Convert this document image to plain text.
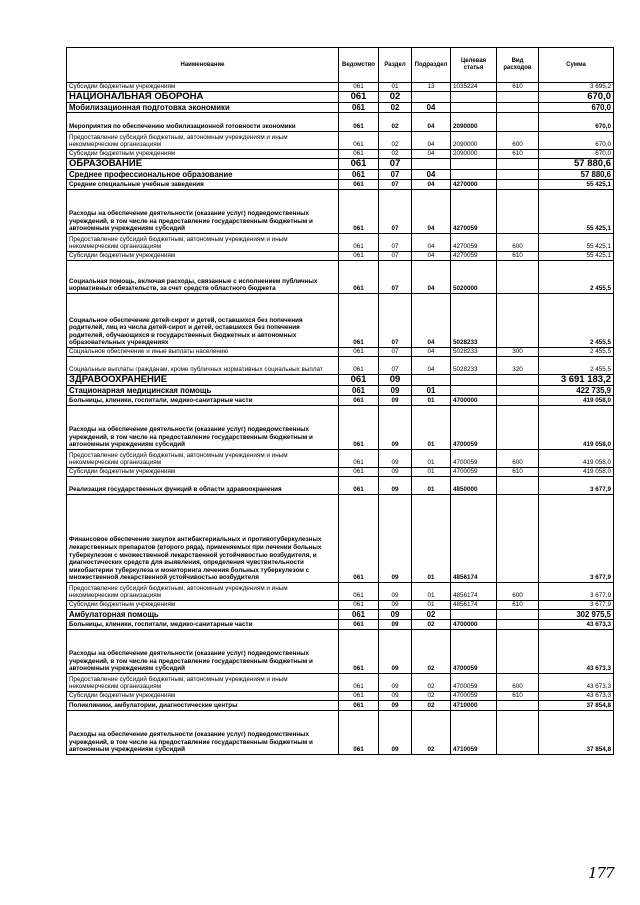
Наименование	Ведомство	Раздел	Подраздел	Целевая статья	Вид расходов	Сумма
Субсидии бюджетным учреждениям	061	01	13	1035224	610	3 695,2
НАЦИОНАЛЬНАЯ ОБОРОНА	061	02				670,0
Мобилизационная подготовка экономики	061	02	04			670,0
Мероприятия по обеспечению мобилизационной готовности экономики	061	02	04	2090000		670,0
Предоставление субсидий бюджетным, автономным учреждениям и иным некоммерческим организациям	061	02	04	2090000	600	670,0
Субсидии бюджетным учреждениям	061	02	04	2090000	610	670,0
ОБРАЗОВАНИЕ	061	07				57 880,6
Среднее профессиональное образование	061	07	04			57 880,6
Средние специальные учебные заведения	061	07	04	4270000		55 425,1
Расходы на обеспечение деятельности (оказание услуг) подведомственных учреждений, в том числе на предоставление государственным бюджетным и автономным учреждениям субсидий	061	07	04	4270059		55 425,1
Предоставление субсидий бюджетным, автономным учреждениям и иным некоммерческим организациям	061	07	04	4270059	600	55 425,1
Субсидии бюджетным учреждениям	061	07	04	4270059	610	55 425,1
Социальная помощь, включая расходы, связанные с исполнением публичных нормативных обязательств, за счет средств областного бюджета	061	07	04	5020000		2 455,5
Социальное обеспечение детей-сирот и детей, оставшихся без попечения родителей, лиц из числа детей-сирот и детей, оставшихся без попечения родителей, обучающихся в государственных бюджетных и автономных образовательных учреждениях	061	07	04	5028233		2 455,5
Социальное обеспечение и иные выплаты населению	061	07	04	5028233	300	2 455,5
Социальные выплаты гражданам, кроме публичных нормативных социальных выплат	061	07	04	5028233	320	2 455,5
ЗДРАВООХРАНЕНИЕ	061	09				3 691 183,2
Стационарная медицинская помощь	061	09	01			422 735,9
Больницы, клиники, госпитали, медико-санитарные части	061	09	01	4700000		419 058,0
Расходы на обеспечение деятельности (оказание услуг) подведомственных учреждений, в том числе на предоставление государственным бюджетным и автономным учреждениям субсидий	061	09	01	4700059		419 058,0
Предоставление субсидий бюджетным, автономным учреждениям и иным некоммерческим организациям	061	09	01	4700059	600	419 058,0
Субсидии бюджетным учреждениям	061	09	01	4700059	610	419 058,0
Реализация государственных функций в области здравоохранения	061	09	01	4850000		3 677,9
Финансовое обеспечение закупок антибактериальных и противотуберкулезных лекарственных препаратов (второго ряда), применяемых при лечении больных туберкулезом с множественной лекарственной устойчивостью возбудителя, и диагностических средств для выявления, определения чувствительности микобактерии туберкулеза и мониторинга лечения больных туберкулезом с множественной лекарственной устойчивостью возбудителя	061	09	01	4856174		3 677,9
Предоставление субсидий бюджетным, автономным учреждениям и иным некоммерческим организациям	061	09	01	4856174	600	3 677,9
Субсидии бюджетным учреждениям	061	09	01	4856174	610	3 677,9
Амбулаторная помощь	061	09	02			302 975,5
Больницы, клиники, госпитали, медико-санитарные части	061	09	02	4700000		43 673,3
Расходы на обеспечение деятельности (оказание услуг) подведомственных учреждений, в том числе на предоставление государственным бюджетным и автономным учреждениям субсидий	061	09	02	4700059		43 673,3
Предоставление субсидий бюджетным, автономным учреждениям и иным некоммерческим организациям	061	09	02	4700059	600	43 673,3
Субсидии бюджетным учреждениям	061	09	02	4700059	610	43 673,3
Поликлиники, амбулатории, диагностические центры	061	09	02	4710000		37 854,8
Расходы на обеспечение деятельности (оказание услуг) подведомственных учреждений, в том числе на предоставление государственным бюджетным и автономным учреждениям субсидий	061	09	02	4710059		37 854,8
177
